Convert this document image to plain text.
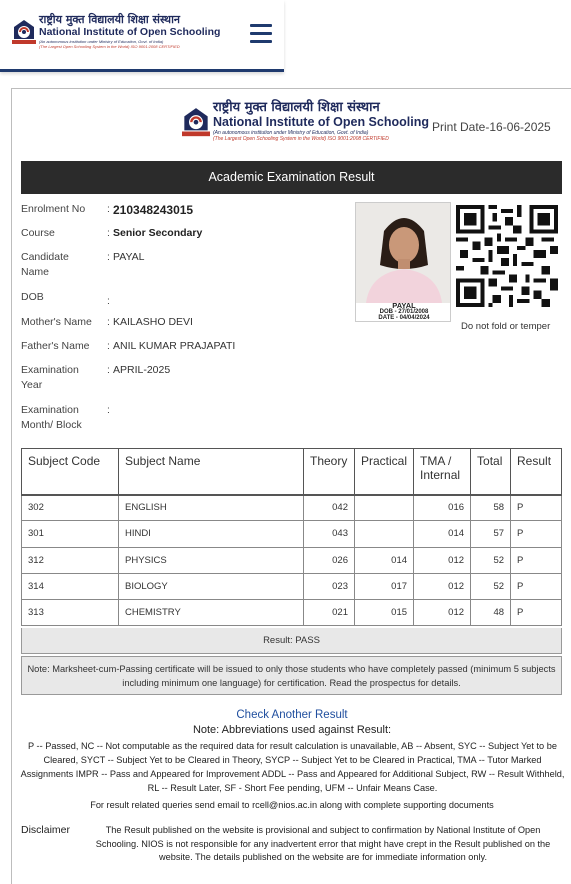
राष्ट्रीय मुक्त विद्यालयी शिक्षा संस्थान
National Institute of Open Schooling
(An autonomous institution under Ministry of Education, Govt. of India)
(The Largest Open Schooling System in the World) ISO 9001:2008 CERTIFIED
राष्ट्रीय मुक्त विद्यालयी शिक्षा संस्थान
National Institute of Open Schooling
(An autonomous institution under Ministry of Education, Govt. of India)
(The Largest Open Schooling System in the World) ISO 9001:2008 CERTIFIED
Print Date-16-06-2025
Academic Examination Result
Enrolment No	: 210348243015
Course	: Senior Secondary
Candidate Name
: PAYAL
DOB	:
Mother's Name	: KAILASHO DEVI
Father's Name	: ANIL KUMAR PRAJAPATI
Examination Year
: APRIL-2025
Examination Month/ Block
:
PAYAL
DOB - 27/01/2008
DATE - 04/04/2024
Do not fold or temper
Subject Code	Subject Name	Theory	Practical	TMA / Internal	Total	Result
302	ENGLISH	042		016	58	P
301	HINDI	043		014	57	P
312	PHYSICS	026	014	012	52	P
314	BIOLOGY	023	017	012	52	P
313	CHEMISTRY	021	015	012	48	P
Result: PASS
Note: Marksheet-cum-Passing certificate will be issued to only those students who have completely passed (minimum 5 subjects including minimum one language) for certification. Read the prospectus for details.
Check Another Result
Note: Abbreviations used against Result:
P -- Passed, NC -- Not computable as the required data for result calculation is unavailable, AB -- Absent, SYC -- Subject Yet to be Cleared, SYCT -- Subject Yet to be Cleared in Theory, SYCP -- Subject Yet to be Cleared in Practical, TMA -- Tutor Marked Assignments IMPR -- Pass and Appeared for Improvement ADDL -- Pass and Appeared for Additional Subject, RW -- Result Withheld, RL -- Result Later, SF - Short Fee pending, UFM -- Unfair Means Case.
For result related queries send email to rcell@nios.ac.in along with complete supporting documents
Disclaimer	The Result published on the website is provisional and subject to confirmation by National Institute of Open Schooling. NIOS is not responsible for any inadvertent error that might have crept in the Result published on the website. The details published on the website are for immediate information only.
